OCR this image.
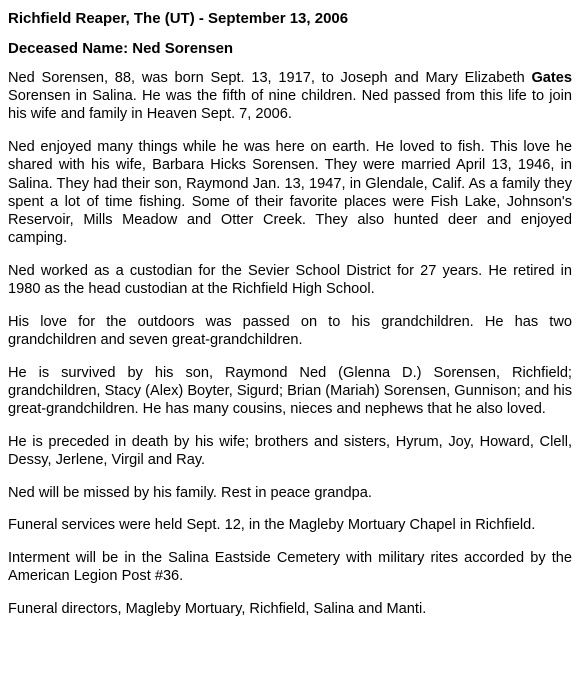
Richfield Reaper, The (UT) - September 13, 2006

Deceased Name: Ned Sorensen

Ned Sorensen, 88, was born Sept. 13, 1917, to Joseph and Mary Elizabeth Gates Sorensen in Salina. He was the fifth of nine children. Ned passed from this life to join his wife and family in Heaven Sept. 7, 2006.

Ned enjoyed many things while he was here on earth. He loved to fish. This love he shared with his wife, Barbara Hicks Sorensen. They were married April 13, 1946, in Salina. They had their son, Raymond Jan. 13, 1947, in Glendale, Calif. As a family they spent a lot of time fishing. Some of their favorite places were Fish Lake, Johnson's Reservoir, Mills Meadow and Otter Creek. They also hunted deer and enjoyed camping.

Ned worked as a custodian for the Sevier School District for 27 years. He retired in 1980 as the head custodian at the Richfield High School.

His love for the outdoors was passed on to his grandchildren. He has two grandchildren and seven great-grandchildren.

He is survived by his son, Raymond Ned (Glenna D.) Sorensen, Richfield; grandchildren, Stacy (Alex) Boyter, Sigurd; Brian (Mariah) Sorensen, Gunnison; and his great-grandchildren. He has many cousins, nieces and nephews that he also loved.

He is preceded in death by his wife; brothers and sisters, Hyrum, Joy, Howard, Clell, Dessy, Jerlene, Virgil and Ray.

Ned will be missed by his family. Rest in peace grandpa.

Funeral services were held Sept. 12, in the Magleby Mortuary Chapel in Richfield.

Interment will be in the Salina Eastside Cemetery with military rites accorded by the American Legion Post #36.

Funeral directors, Magleby Mortuary, Richfield, Salina and Manti.
